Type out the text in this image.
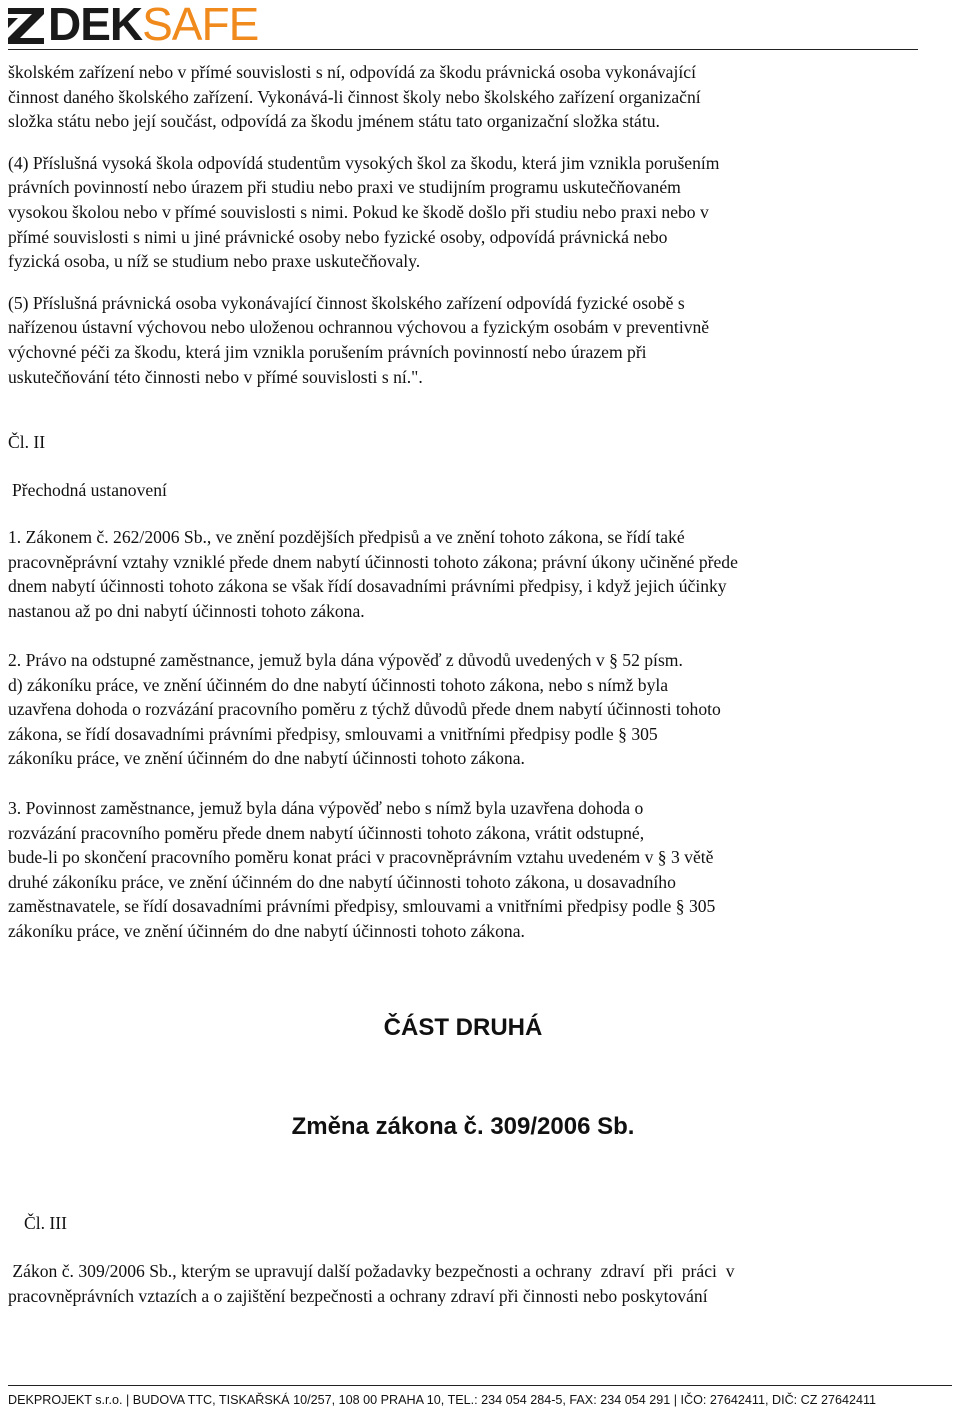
DEKSAFE

školském zařízení nebo v přímé souvislosti s ní, odpovídá za škodu právnická osoba vykonávající
činnost daného školského zařízení. Vykonává-li činnost školy nebo školského zařízení organizační
složka státu nebo její součást, odpovídá za škodu jménem státu tato organizační složka státu.

(4) Příslušná vysoká škola odpovídá studentům vysokých škol za škodu, která jim vznikla porušením
právních povinností nebo úrazem při studiu nebo praxi ve studijním programu uskutečňovaném
vysokou školou nebo v přímé souvislosti s nimi. Pokud ke škodě došlo při studiu nebo praxi nebo v
přímé souvislosti s nimi u jiné právnické osoby nebo fyzické osoby, odpovídá právnická nebo
fyzická osoba, u níž se studium nebo praxe uskutečňovaly.

(5) Příslušná právnická osoba vykonávající činnost školského zařízení odpovídá fyzické osobě s
nařízenou ústavní výchovou nebo uloženou ochrannou výchovou a fyzickým osobám v preventivně
výchovné péči za škodu, která jim vznikla porušením právních povinností nebo úrazem při
uskutečňování této činnosti nebo v přímé souvislosti s ní.".

Čl. II
Přechodná ustanovení
1. Zákonem č. 262/2006 Sb., ve znění pozdějších předpisů a ve znění tohoto zákona, se řídí také
pracovněprávní vztahy vzniklé přede dnem nabytí účinnosti tohoto zákona; právní úkony učiněné přede
dnem nabytí účinnosti tohoto zákona se však řídí dosavadními právními předpisy, i když jejich účinky
nastanou až po dni nabytí účinnosti tohoto zákona.
2. Právo na odstupné zaměstnance, jemuž byla dána výpověď z důvodů uvedených v § 52 písm.
d) zákoníku práce, ve znění účinném do dne nabytí účinnosti tohoto zákona, nebo s nímž byla
uzavřena dohoda o rozvázání pracovního poměru z týchž důvodů přede dnem nabytí účinnosti tohoto
zákona, se řídí dosavadními právními předpisy, smlouvami a vnitřními předpisy podle § 305
zákoníku práce, ve znění účinném do dne nabytí účinnosti tohoto zákona.
3. Povinnost zaměstnance, jemuž byla dána výpověď nebo s nímž byla uzavřena dohoda o
rozvázání pracovního poměru přede dnem nabytí účinnosti tohoto zákona, vrátit odstupné,
bude-li po skončení pracovního poměru konat práci v pracovněprávním vztahu uvedeném v § 3 větě
druhé zákoníku práce, ve znění účinném do dne nabytí účinnosti tohoto zákona, u dosavadního
zaměstnavatele, se řídí dosavadními právními předpisy, smlouvami a vnitřními předpisy podle § 305
zákoníku práce, ve znění účinném do dne nabytí účinnosti tohoto zákona.
ČÁST DRUHÁ
Změna zákona č. 309/2006 Sb.
Čl. III
Zákon č. 309/2006 Sb., kterým se upravují další požadavky bezpečnosti a ochrany  zdraví  při  práci  v
pracovněprávních vztazích a o zajištění bezpečnosti a ochrany zdraví při činnosti nebo poskytování
DEKPROJEKT s.r.o. | BUDOVA TTC, TISKAŘSKÁ 10/257, 108 00 PRAHA 10, TEL.: 234 054 284-5, FAX: 234 054 291 | IČO: 27642411, DIČ: CZ 27642411
